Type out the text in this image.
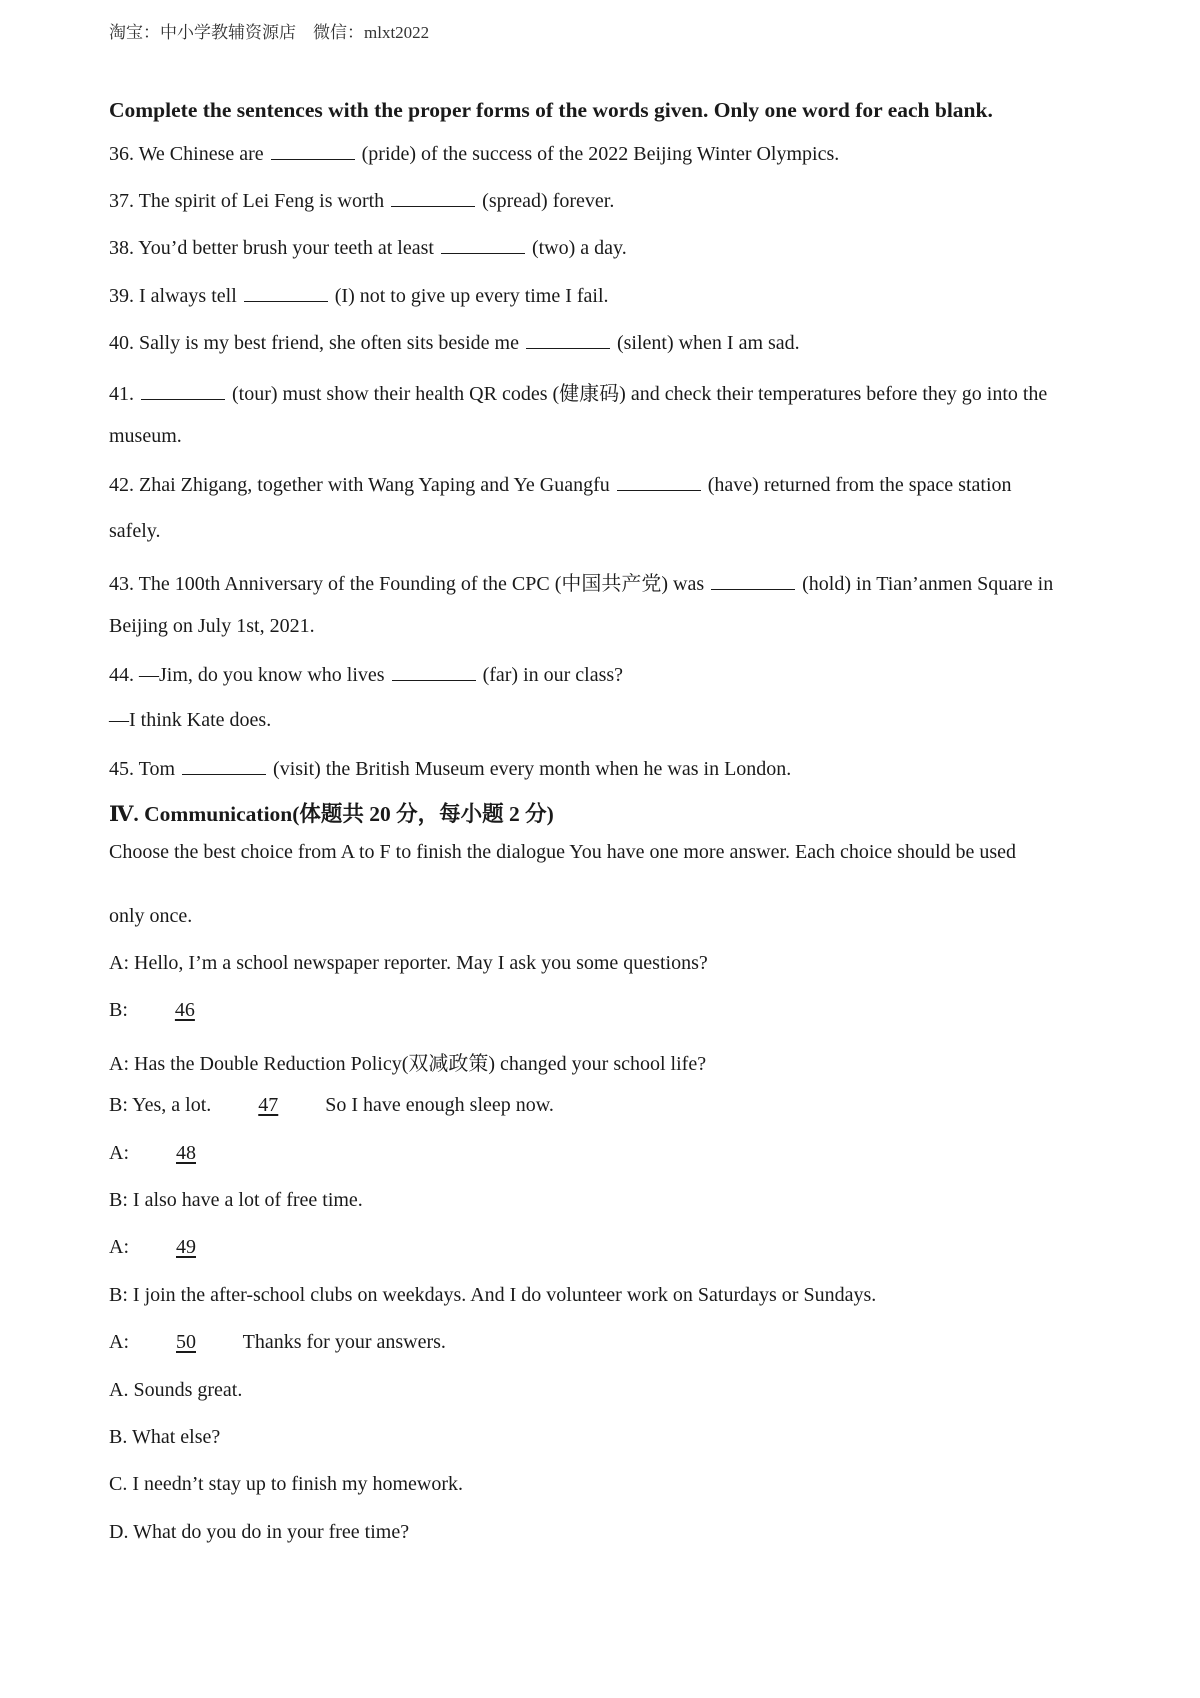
淘宝：中小学教辅资源店    微信：mlxt2022
Complete the sentences with the proper forms of the words given. Only one word for each blank.
36. We Chinese are	(pride) of the success of the 2022 Beijing Winter Olympics.
37. The spirit of Lei Feng is worth	(spread) forever.
38. You’d better brush your teeth at least	(two) a day.
39. I always tell	(I) not to give up every time I fail.
40. Sally is my best friend, she often sits beside me	(silent) when I am sad.
41.	(tour) must show their health QR codes (健康码) and check their temperatures before they go into the
museum.
42. Zhai Zhigang, together with Wang Yaping and Ye Guangfu	(have) returned from the space station
safely.
43. The 100th Anniversary of the Founding of the CPC (中国共产党) was	(hold) in Tian’anmen Square in
Beijing on July 1st, 2021.
44. —Jim, do you know who lives	(far) in our class?
—I think Kate does.
45. Tom	(visit) the British Museum every month when he was in London.
Ⅳ. Communication(体题共 20 分，每小题 2 分)
Choose the best choice from A to F to finish the dialogue You have one more answer. Each choice should be used
only once.
A: Hello, I’m a school newspaper reporter. May I ask you some questions?
B: 46
A: Has the Double Reduction Policy(双减政策) changed your school life?
B: Yes, a lot. 47 So I have enough sleep now.
A: 48
B: I also have a lot of free time.
A: 49
B: I join the after-school clubs on weekdays. And I do volunteer work on Saturdays or Sundays.
A: 50 Thanks for your answers.
A. Sounds great.
B. What else?
C. I needn’t stay up to finish my homework.
D. What do you do in your free time?
